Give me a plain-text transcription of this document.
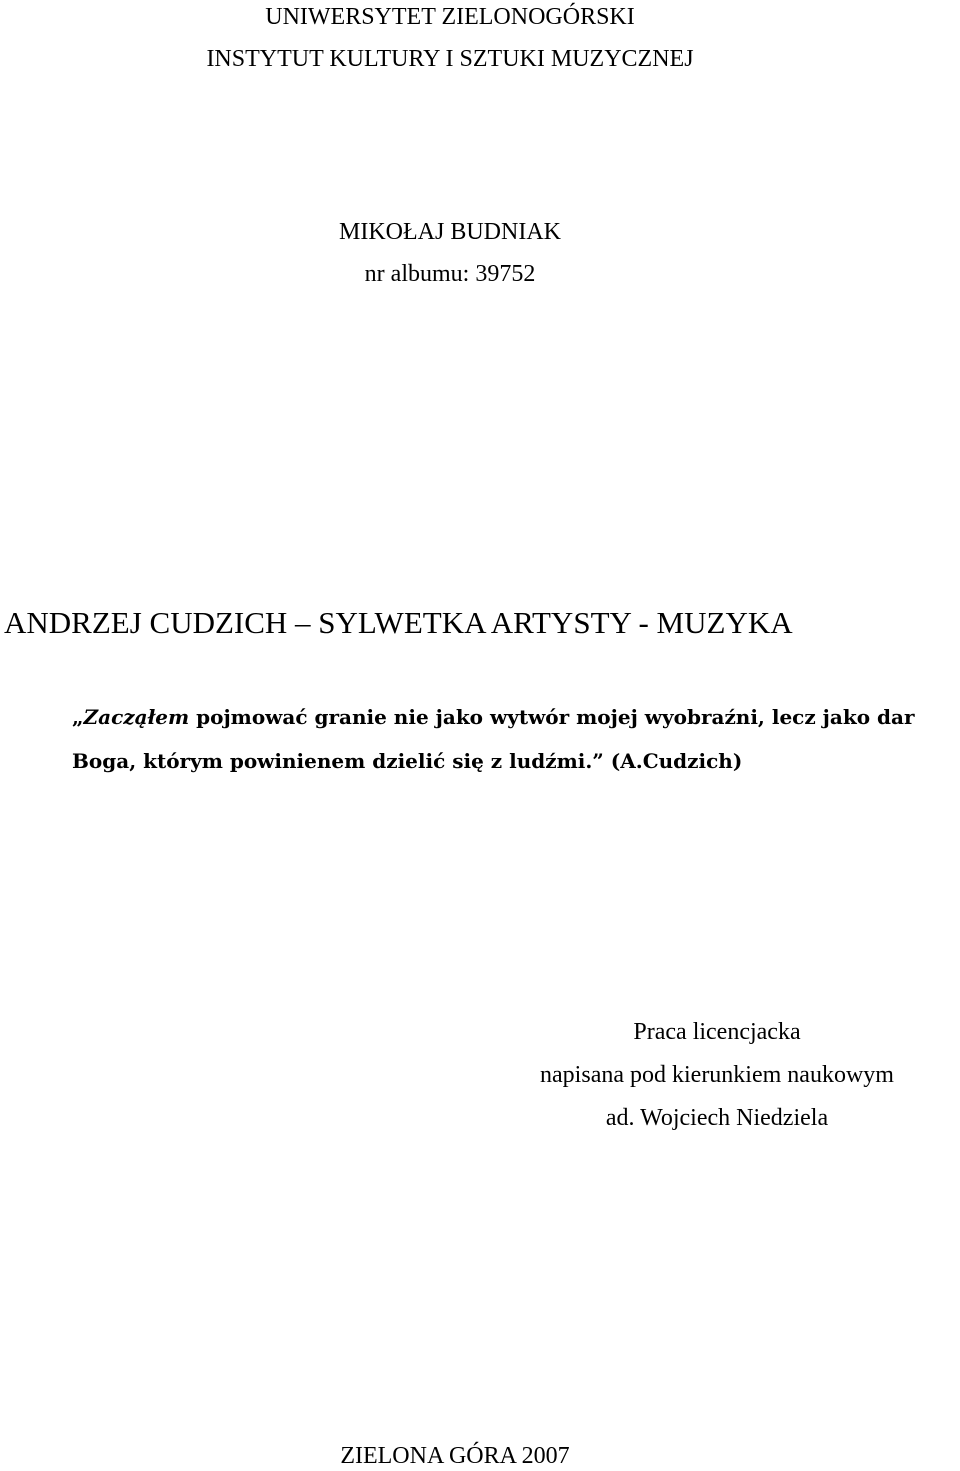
UNIWERSYTET ZIELONOGÓRSKI
INSTYTUT KULTURY I SZTUKI MUZYCZNEJ
MIKOŁAJ BUDNIAK
nr albumu: 39752
ANDRZEJ CUDZICH – SYLWETKA ARTYSTY - MUZYKA
„Zacząłem pojmować granie nie jako wytwór mojej wyobraźni, lecz jako dar
Boga, którym powinienem dzielić się z ludźmi.” (A.Cudzich)
Praca licencjacka
napisana pod kierunkiem naukowym
ad. Wojciech Niedziela
ZIELONA GÓRA 2007
